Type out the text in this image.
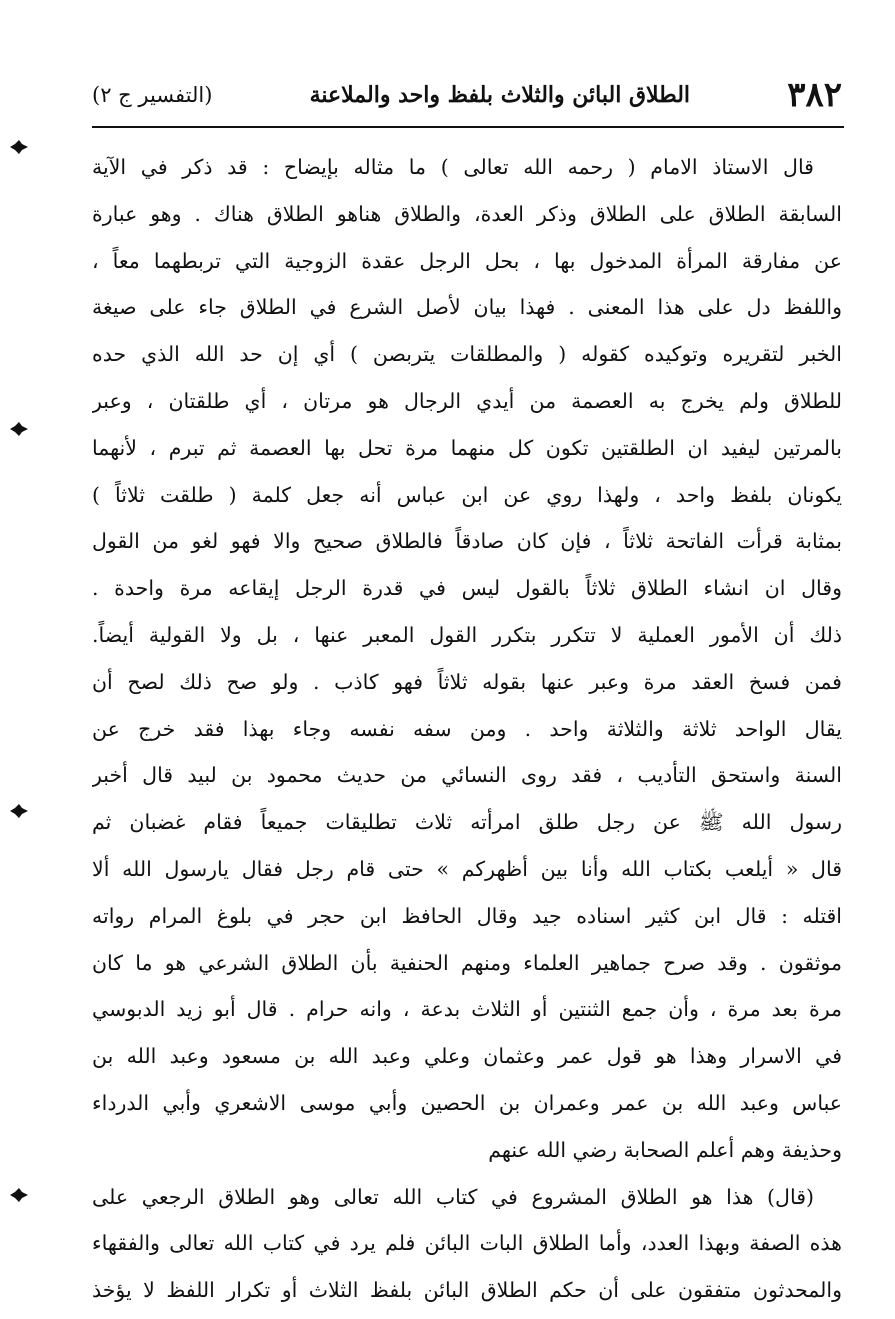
٣٨٢
الطلاق البائن والثلاث بلفظ واحد والملاعنة
(التفسير ج ٢)
قال الاستاذ الامام ( رحمه الله تعالى ) ما مثاله بإيضاح : قد ذكر في الآية
السابقة الطلاق على الطلاق وذكر العدة، والطلاق هناهو الطلاق هناك . وهو عبارة
عن مفارقة المرأة المدخول بها ، بحل الرجل عقدة الزوجية التي تربطهما معاً ،
واللفظ دل على هذا المعنى . فهذا بيان لأصل الشرع في الطلاق جاء على صيغة
الخبر لتقريره وتوكيده كقوله ( والمطلقات يتربصن ) أي إن حد الله الذي حده
للطلاق ولم يخرج به العصمة من أيدي الرجال هو مرتان ، أي طلقتان ، وعبر
بالمرتين ليفيد ان الطلقتين تكون كل منهما مرة تحل بها العصمة ثم تبرم ، لأنهما
يكونان بلفظ واحد ، ولهذا روي عن ابن عباس أنه جعل كلمة ( طلقت ثلاثاً )
بمثابة قرأت الفاتحة ثلاثاً ، فإن كان صادقاً فالطلاق صحيح والا فهو لغو من القول
وقال ان انشاء الطلاق ثلاثاً بالقول ليس في قدرة الرجل إيقاعه مرة واحدة .
ذلك أن الأمور العملية لا تتكرر بتكرر القول المعبر عنها ، بل ولا القولية أيضاً.
فمن فسخ العقد مرة وعبر عنها بقوله ثلاثاً فهو كاذب . ولو صح ذلك لصح أن
يقال الواحد ثلاثة والثلاثة واحد . ومن سفه نفسه وجاء بهذا فقد خرج عن
السنة واستحق التأديب ، فقد روى النسائي من حديث محمود بن لبيد قال أخبر
رسول الله ﷺ عن رجل طلق امرأته ثلاث تطليقات جميعاً فقام غضبان ثم
قال « أيلعب بكتاب الله وأنا بين أظهركم » حتى قام رجل فقال يارسول الله ألا
اقتله : قال ابن كثير اسناده جيد وقال الحافظ ابن حجر في بلوغ المرام رواته
موثقون . وقد صرح جماهير العلماء ومنهم الحنفية بأن الطلاق الشرعي هو ما كان
مرة بعد مرة ، وأن جمع الثنتين أو الثلاث بدعة ، وانه حرام . قال أبو زيد الدبوسي
في الاسرار وهذا هو قول عمر وعثمان وعلي وعبد الله بن مسعود وعبد الله بن
عباس وعبد الله بن عمر وعمران بن الحصين وأبي موسى الاشعري وأبي الدرداء
وحذيفة وهم أعلم الصحابة رضي الله عنهم
(قال) هذا هو الطلاق المشروع في كتاب الله تعالى وهو الطلاق الرجعي على
هذه الصفة وبهذا العدد، وأما الطلاق البات البائن فلم يرد في كتاب الله تعالى والفقهاء
والمحدثون متفقون على أن حكم الطلاق البائن بلفظ الثلاث أو تكرار اللفظ لا يؤخذ
